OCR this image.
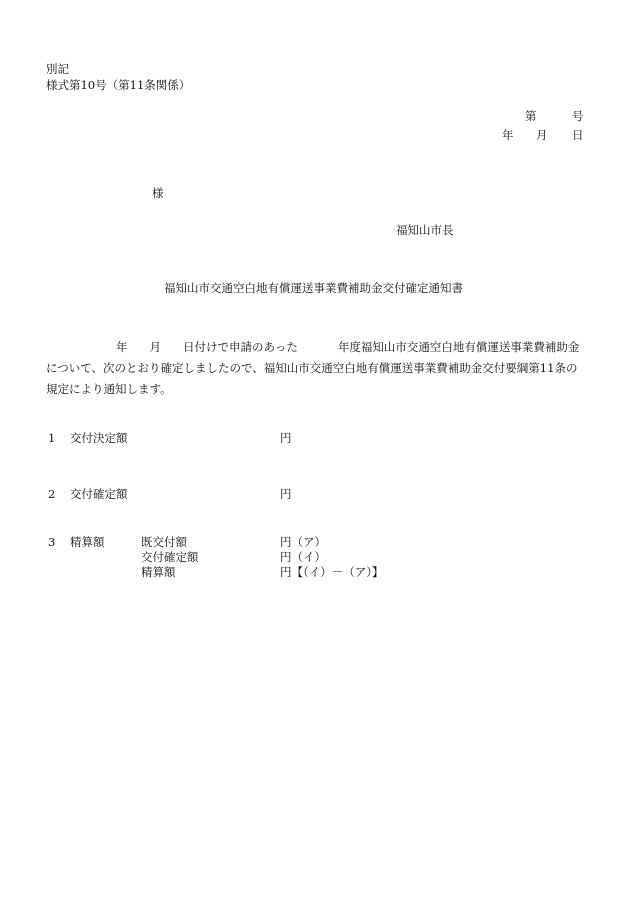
別記
様式第10号（第11条関係）
第	号
年 月 日
様
福知山市長
福知山市交通空白地有償運送事業費補助金交付確定通知書
年 月 日付けで申請のあった	年度福知山市交通空白地有償運送事業費補助金について、次のとおり確定しましたので、福知山市交通空白地有償運送事業費補助金交付要綱第11条の規定により通知します。
1 交付決定額	円
2 交付確定額	円
3 精算額	既交付額	円（ア）
交付確定額	円（イ）
精算額	円【（イ）－（ア）】
